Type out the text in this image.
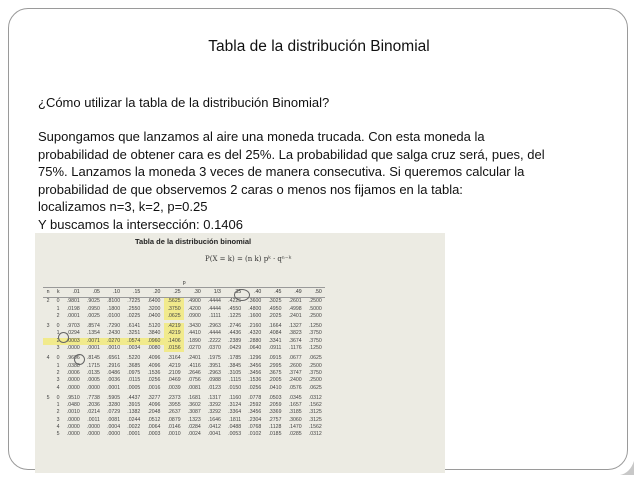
Tabla de la distribución Binomial
¿Cómo utilizar la tabla de la distribución Binomial?
Supongamos que lanzamos al aire una moneda trucada. Con esta moneda la
probabilidad de obtener cara es del 25%. La probabilidad que salga cruz será, pues, del
75%. Lanzamos la moneda 3 veces de manera consecutiva. Si queremos calcular la
probabilidad de que observemos 2 caras o menos nos fijamos en la tabla:
localizamos n=3, k=2, p=0.25
Y buscamos la intersección: 0.1406
Tabla de la distribución binomial
P(X = k) = (n k) pᵏ · qⁿ⁻ᵏ
p														
n	k	.01	.05	.10	.15	.20	.25	.30	1/3	.35	.40	.45	.49	.50
2	0	.9801	.9025	.8100	.7225	.6400	.5625	.4900	.4444	.4225	.3600	.3025	.2601	.2500
	1	.0198	.0950	.1800	.2550	.3200	.3750	.4200	.4444	.4550	.4800	.4950	.4998	.5000
	2	.0001	.0025	.0100	.0225	.0400	.0625	.0900	.1111	.1225	.1600	.2025	.2401	.2500

3	0	.9703	.8574	.7290	.6141	.5120	.4219	.3430	.2963	.2746	.2160	.1664	.1327	.1250
	1	.0294	.1354	.2430	.3251	.3840	.4219	.4410	.4444	.4436	.4320	.4084	.3823	.3750
	2	.0003	.0071	.0270	.0574	.0960	.1406	.1890	.2222	.2389	.2880	.3341	.3674	.3750
	3	.0000	.0001	.0010	.0034	.0080	.0156	.0270	.0370	.0429	.0640	.0911	.1176	.1250

4	0	.9606	.8145	.6561	.5220	.4096	.3164	.2401	.1975	.1785	.1296	.0915	.0677	.0625
	1	.0388	.1715	.2916	.3685	.4096	.4219	.4116	.3951	.3845	.3456	.2995	.2600	.2500
	2	.0006	.0135	.0486	.0975	.1536	.2109	.2646	.2963	.3105	.3456	.3675	.3747	.3750
	3	.0000	.0005	.0036	.0115	.0256	.0469	.0756	.0988	.1115	.1536	.2005	.2400	.2500
	4	.0000	.0000	.0001	.0005	.0016	.0039	.0081	.0123	.0150	.0256	.0410	.0576	.0625

5	0	.9510	.7738	.5905	.4437	.3277	.2373	.1681	.1317	.1160	.0778	.0503	.0345	.0312
	1	.0480	.2036	.3280	.3915	.4096	.3955	.3602	.3292	.3124	.2592	.2059	.1657	.1562
	2	.0010	.0214	.0729	.1382	.2048	.2637	.3087	.3292	.3364	.3456	.3369	.3185	.3125
	3	.0000	.0011	.0081	.0244	.0512	.0879	.1323	.1646	.1811	.2304	.2757	.3060	.3125
	4	.0000	.0000	.0004	.0022	.0064	.0146	.0284	.0412	.0488	.0768	.1128	.1470	.1562
	5	.0000	.0000	.0000	.0001	.0003	.0010	.0024	.0041	.0053	.0102	.0185	.0285	.0312
